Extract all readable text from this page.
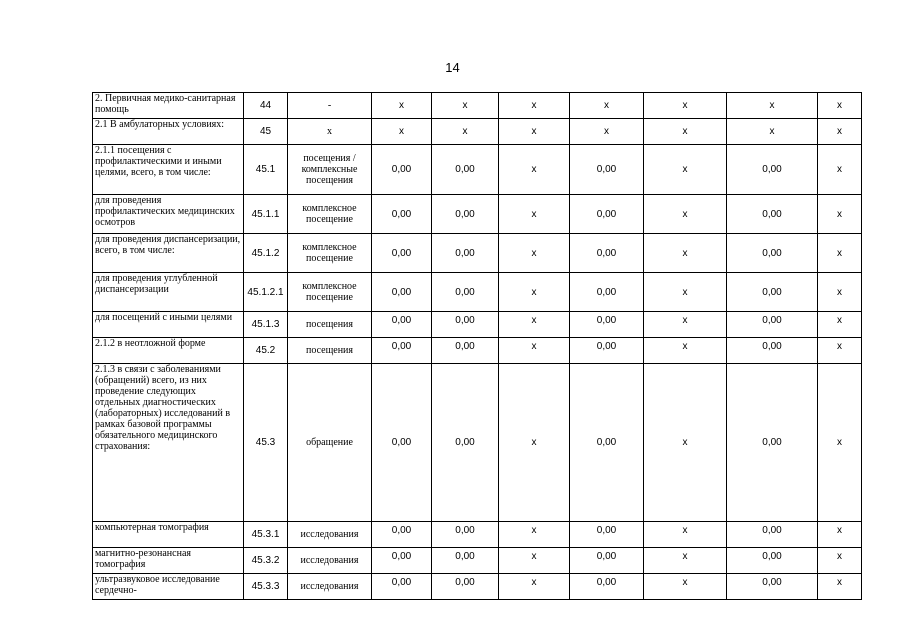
14
2. Первичная медико-санитарная помощь	44	-	x	x	x	x	x	x	x
2.1 В амбулаторных условиях:	45	x	x	x	x	x	x	x	x
2.1.1 посещения с профилактическими и иными целями, всего, в том числе:	45.1	посещения / комплексные посещения	0,00	0,00	x	0,00	x	0,00	x
для проведения профилактических медицинских осмотров	45.1.1	комплексное посещение	0,00	0,00	x	0,00	x	0,00	x
для проведения диспансеризации, всего, в том числе:	45.1.2	комплексное посещение	0,00	0,00	x	0,00	x	0,00	x
для проведения углубленной диспансеризации	45.1.2.1	комплексное посещение	0,00	0,00	x	0,00	x	0,00	x
для посещений с иными целями	45.1.3	посещения	0,00	0,00	x	0,00	x	0,00	x
2.1.2 в неотложной форме	45.2	посещения	0,00	0,00	x	0,00	x	0,00	x
2.1.3 в связи с заболеваниями (обращений) всего, из них проведение следующих отдельных диагностических (лабораторных) исследований в рамках базовой программы обязательного медицинского страхования:	45.3	обращение	0,00	0,00	x	0,00	x	0,00	x
компьютерная томография	45.3.1	исследования	0,00	0,00	x	0,00	x	0,00	x
магнитно-резонансная томография	45.3.2	исследования	0,00	0,00	x	0,00	x	0,00	x
ультразвуковое исследование сердечно-	45.3.3	исследования	0,00	0,00	x	0,00	x	0,00	x
